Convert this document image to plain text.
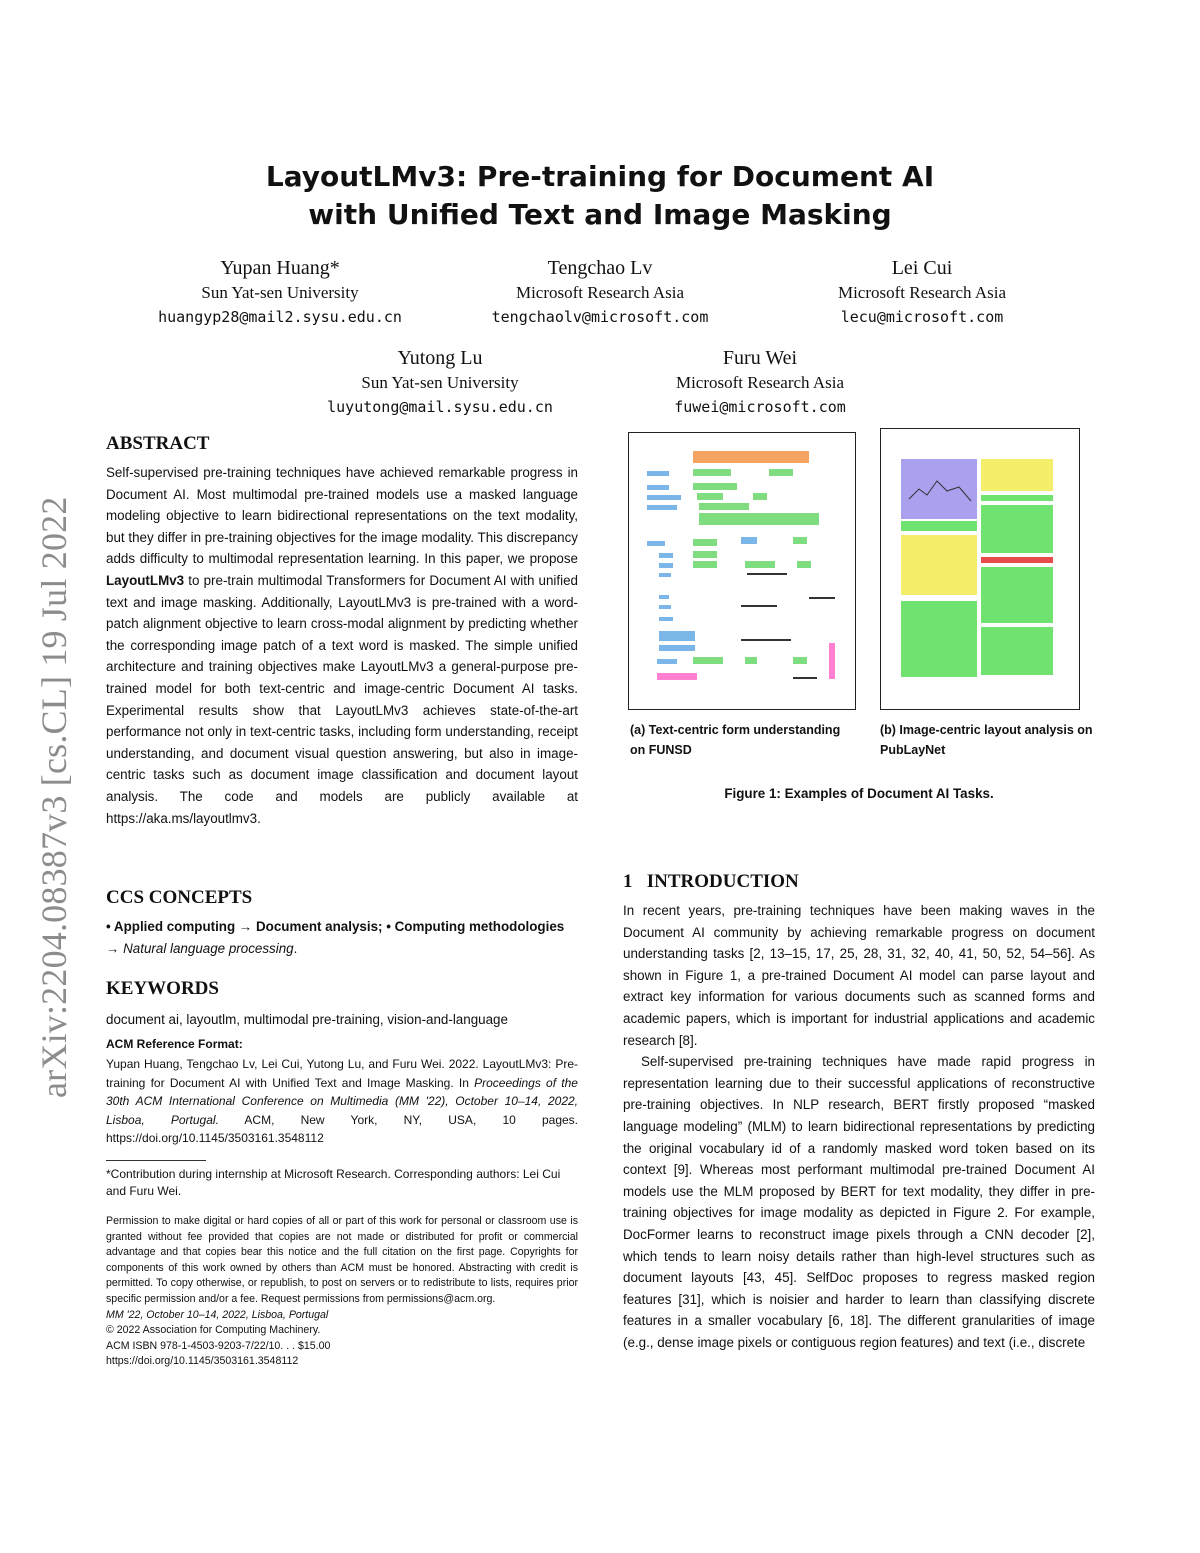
arXiv:2204.08387v3 [cs.CL] 19 Jul 2022
LayoutLMv3: Pre-training for Document AI
with Unified Text and Image Masking
Yupan Huang*
Sun Yat-sen University
huangyp28@mail2.sysu.edu.cn
Tengchao Lv
Microsoft Research Asia
tengchaolv@microsoft.com
Lei Cui
Microsoft Research Asia
lecu@microsoft.com
Yutong Lu
Sun Yat-sen University
luyutong@mail.sysu.edu.cn
Furu Wei
Microsoft Research Asia
fuwei@microsoft.com
ABSTRACT
Self-supervised pre-training techniques have achieved remarkable progress in Document AI. Most multimodal pre-trained models use a masked language modeling objective to learn bidirectional representations on the text modality, but they differ in pre-training objectives for the image modality. This discrepancy adds difficulty to multimodal representation learning. In this paper, we propose LayoutLMv3 to pre-train multimodal Transformers for Document AI with unified text and image masking. Additionally, LayoutLMv3 is pre-trained with a word-patch alignment objective to learn cross-modal alignment by predicting whether the corresponding image patch of a text word is masked. The simple unified architecture and training objectives make LayoutLMv3 a general-purpose pre-trained model for both text-centric and image-centric Document AI tasks. Experimental results show that LayoutLMv3 achieves state-of-the-art performance not only in text-centric tasks, including form understanding, receipt understanding, and document visual question answering, but also in image-centric tasks such as document image classification and document layout analysis. The code and models are publicly available at https://aka.ms/layoutlmv3.
CCS CONCEPTS
• Applied computing → Document analysis; • Computing methodologies → Natural language processing.
KEYWORDS
document ai, layoutlm, multimodal pre-training, vision-and-language
ACM Reference Format:
Yupan Huang, Tengchao Lv, Lei Cui, Yutong Lu, and Furu Wei. 2022. LayoutLMv3: Pre-training for Document AI with Unified Text and Image Masking. In Proceedings of the 30th ACM International Conference on Multimedia (MM '22), October 10–14, 2022, Lisboa, Portugal. ACM, New York, NY, USA, 10 pages. https://doi.org/10.1145/3503161.3548112
*Contribution during internship at Microsoft Research. Corresponding authors: Lei Cui and Furu Wei.
Permission to make digital or hard copies of all or part of this work for personal or classroom use is granted without fee provided that copies are not made or distributed for profit or commercial advantage and that copies bear this notice and the full citation on the first page. Copyrights for components of this work owned by others than ACM must be honored. Abstracting with credit is permitted. To copy otherwise, or republish, to post on servers or to redistribute to lists, requires prior specific permission and/or a fee. Request permissions from permissions@acm.org.
MM '22, October 10–14, 2022, Lisboa, Portugal
© 2022 Association for Computing Machinery.
ACM ISBN 978-1-4503-9203-7/22/10. . . $15.00
https://doi.org/10.1145/3503161.3548112
(a) Text-centric form understanding on FUNSD
(b) Image-centric layout analysis on PubLayNet
Figure 1: Examples of Document AI Tasks.
1 INTRODUCTION
In recent years, pre-training techniques have been making waves in the Document AI community by achieving remarkable progress on document understanding tasks [2, 13–15, 17, 25, 28, 31, 32, 40, 41, 50, 52, 54–56]. As shown in Figure 1, a pre-trained Document AI model can parse layout and extract key information for various documents such as scanned forms and academic papers, which is important for industrial applications and academic research [8].
Self-supervised pre-training techniques have made rapid progress in representation learning due to their successful applications of reconstructive pre-training objectives. In NLP research, BERT firstly proposed “masked language modeling” (MLM) to learn bidirectional representations by predicting the original vocabulary id of a randomly masked word token based on its context [9]. Whereas most performant multimodal pre-trained Document AI models use the MLM proposed by BERT for text modality, they differ in pre-training objectives for image modality as depicted in Figure 2. For example, DocFormer learns to reconstruct image pixels through a CNN decoder [2], which tends to learn noisy details rather than high-level structures such as document layouts [43, 45]. SelfDoc proposes to regress masked region features [31], which is noisier and harder to learn than classifying discrete features in a smaller vocabulary [6, 18]. The different granularities of image (e.g., dense image pixels or contiguous region features) and text (i.e., discrete
